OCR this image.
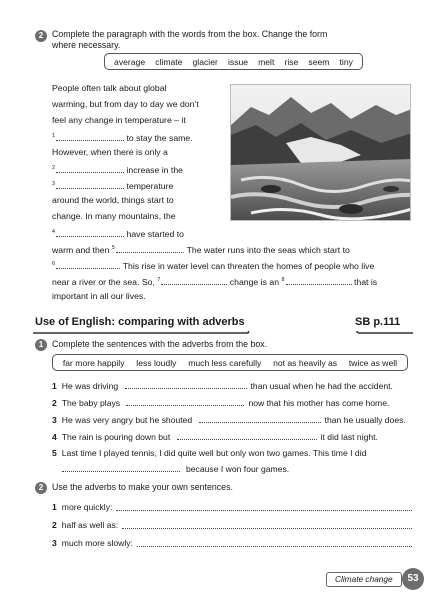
2 Complete the paragraph with the words from the box. Change the form
where necessary.
average climate glacier issue melt rise seem tiny
People often talk about global
warming, but from day to day we don’t
feel any change in temperature – it
$^1$	to stay the same.
However, when there is only a
$^2$	increase in the
$^3$	temperature
around the world, things start to
change. In many mountains, the
$^4$	have started to
warm and then $^5$	. The water runs into the seas which start to
$^6$	. This rise in water level can threaten the homes of people who live
near a river or the sea. So, $^7$	change is an $^8$	that is
important in all our lives.
Use of English: comparing with adverbs	SB p.111
1 Complete the sentences with the adverbs from the box.
far more happily less loudly much less carefully not as heavily as twice as well
1 He was driving	than usual when he had the accident.
2 The baby plays	now that his mother has come home.
3 He was very angry but he shouted	than he usually does.
4 The rain is pouring down but	it did last night.
5 Last time I played tennis, I did quite well but only won two games. This time I did
because I won four games.
2 Use the adverbs to make your own sentences.
1 more quickly:
2 half as well as:
3 much more slowly:
Climate change	53
